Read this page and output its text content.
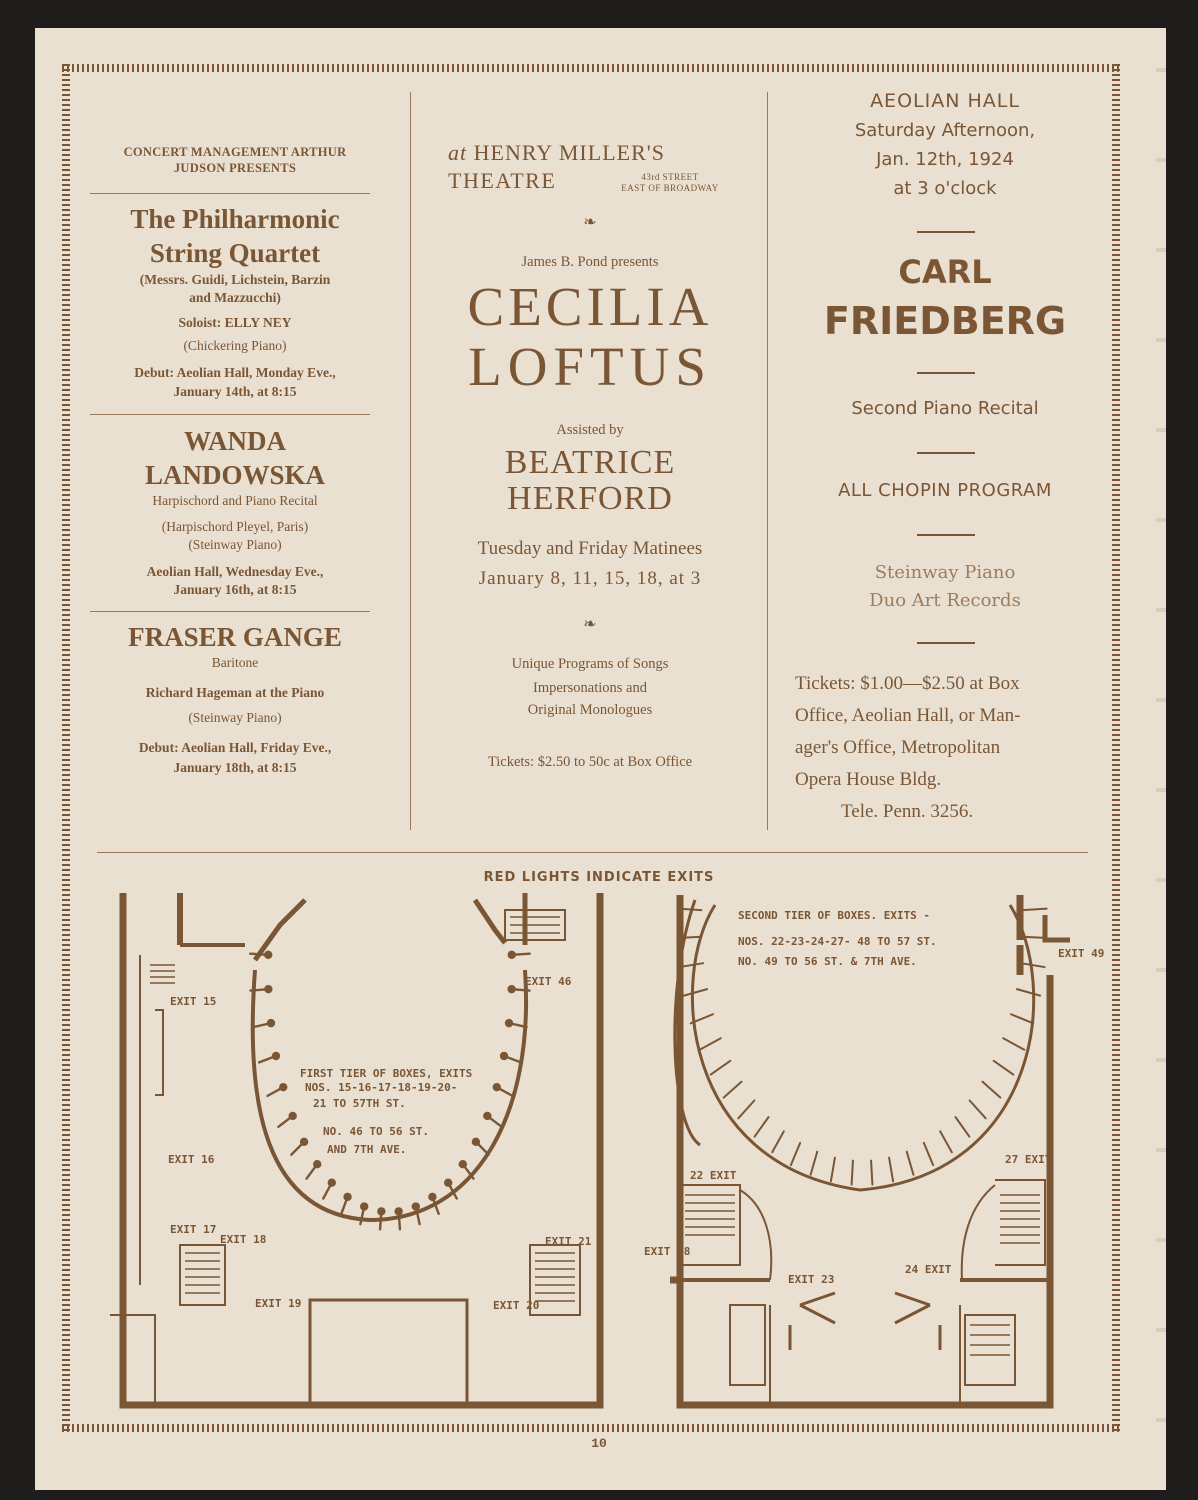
CONCERT MANAGEMENT ARTHUR
JUDSON PRESENTS
The Philharmonic
String Quartet
(Messrs. Guidi, Lichstein, Barzin
and Mazzucchi)
Soloist: ELLY NEY
(Chickering Piano)
Debut: Aeolian Hall, Monday Eve.,
January 14th, at 8:15
WANDA
LANDOWSKA
Harpischord and Piano Recital
(Harpischord Pleyel, Paris)
(Steinway Piano)
Aeolian Hall, Wednesday Eve.,
January 16th, at 8:15
FRASER GANGE
Baritone
Richard Hageman at the Piano
(Steinway Piano)
Debut: Aeolian Hall, Friday Eve.,
January 18th, at 8:15
at HENRY MILLER'S
THEATRE	43rd STREET
EAST OF BROADWAY
❧
James B. Pond presents
CECILIA
LOFTUS
Assisted by
BEATRICE
HERFORD
Tuesday and Friday Matinees
January 8, 11, 15, 18, at 3
❧
Unique Programs of Songs
Impersonations and
Original Monologues
Tickets: $2.50 to 50c at Box Office
AEOLIAN HALL
Saturday Afternoon,
Jan. 12th, 1924
at 3 o'clock
CARL
FRIEDBERG
Second Piano Recital
ALL CHOPIN PROGRAM
Steinway Piano
Duo Art Records
Tickets: $1.00—$2.50 at Box
Office, Aeolian Hall, or Man-
ager's Office, Metropolitan
Opera House Bldg.
Tele. Penn. 3256.
RED LIGHTS INDICATE EXITS
FIRST TIER OF BOXES, EXITS
NOS. 15-16-17-18-19-20-
21 TO 57TH ST.
NO. 46 TO 56 ST.
AND 7TH AVE.
EXIT 15
EXIT 16
EXIT 17
EXIT 18
EXIT 19	EXIT 20
EXIT 21
EXIT 46
SECOND TIER OF BOXES. EXITS -
NOS. 22-23-24-27- 48 TO 57 ST.
NO. 49 TO 56 ST. & 7TH AVE.
22 EXIT
EXIT 23
24 EXIT
27 EXIT
EXIT 48
EXIT 49
10
